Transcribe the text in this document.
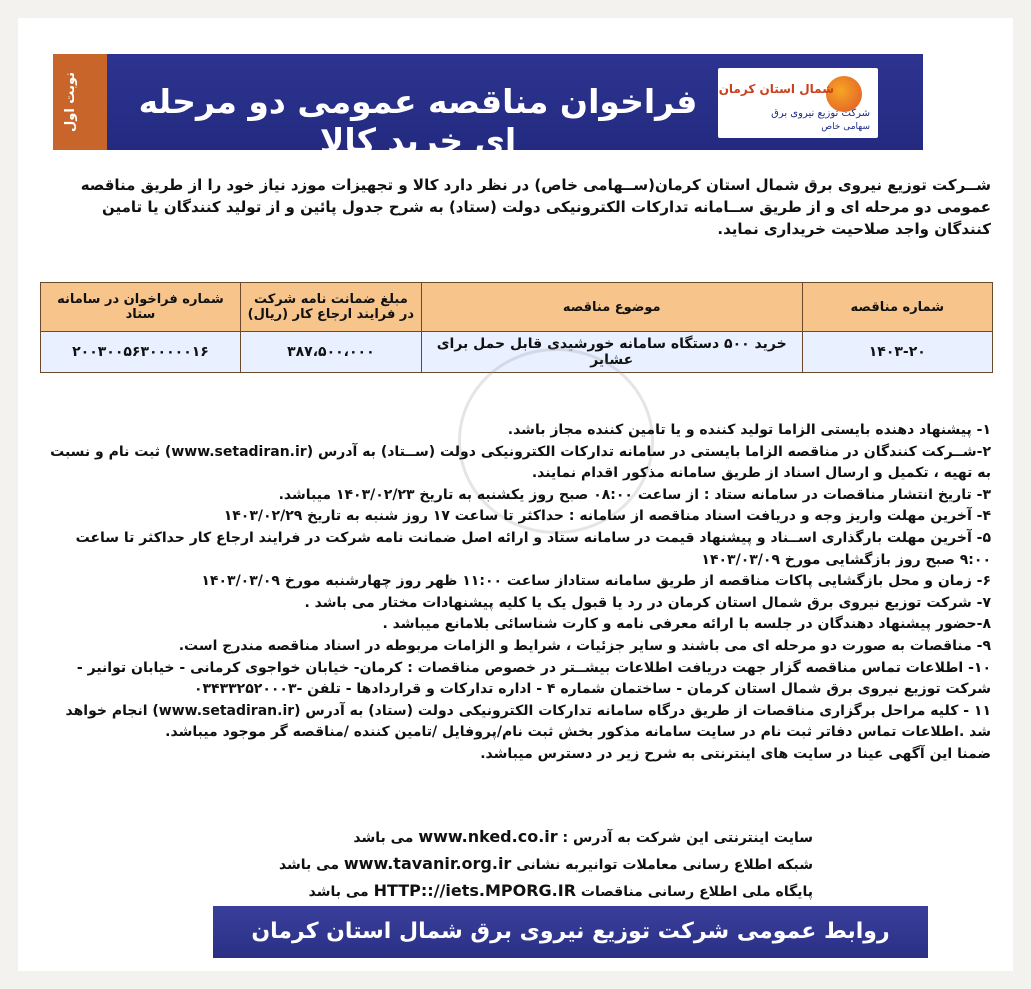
فراخوان مناقصه عمومی دو مرحله ای خرید کالا
نوبت اول	شمال استان کرمان
شرکت توزیع نیروی برق
سهامی خاص
شــرکت توزیع نیروی برق شمال استان کرمان(ســهامی خاص) در نظر دارد کالا و تجهیزات موزد نیاز خود را از طریق مناقصه عمومی دو مرحله ای و از طریق ســامانه تدارکات الکترونیکی دولت (ستاد) به شرح جدول پائین و از تولید کنندگان یا تامین کنندگان واجد صلاحیت خریداری نماید.
شماره مناقصه	موضوع مناقصه	مبلغ ضمانت نامه شرکت در فرایند ارجاع کار (ریال)	شماره فراخوان در سامانه ستاد
۱۴۰۳-۲۰	خرید ۵۰۰ دستگاه سامانه خورشیدی قابل حمل برای عشایر	۳۸۷،۵۰۰،۰۰۰	۲۰۰۳۰۰۵۶۳۰۰۰۰۰۱۶

۱- پیشنهاد دهنده بایستی الزاما تولید کننده و یا تامین کننده مجاز باشد.

۲-شــرکت کنندگان در مناقصه الزاما بایستی در سامانه تدارکات الکترونیکی دولت (ســتاد) به آدرس (www.setadiran.ir) ثبت نام و نسبت به تهیه ، تکمیل و ارسال اسناد از طریق سامانه مذکور اقدام نمایند.

۳- تاریخ انتشار مناقصات در سامانه ستاد : از ساعت ۰۸:۰۰ صبح روز یکشنبه به تاریخ ۱۴۰۳/۰۲/۲۳ میباشد.

۴- آخرین مهلت واریز وجه و دریافت اسناد مناقصه از سامانه : حداکثر تا ساعت ۱۷ روز شنبه به تاریخ ۱۴۰۳/۰۲/۲۹

۵- آخرین مهلت بارگذاری اســناد و پیشنهاد قیمت در سامانه ستاد و ارائه اصل ضمانت نامه شرکت در فرایند ارجاع کار حداکثر تا ساعت ۹:۰۰ صبح روز بازگشایی مورخ ۱۴۰۳/۰۳/۰۹

۶- زمان و محل بازگشایی پاکات مناقصه از طریق سامانه ستاداز ساعت ۱۱:۰۰ ظهر روز چهارشنبه مورخ ۱۴۰۳/۰۳/۰۹

۷- شرکت توزیع نیروی برق شمال استان کرمان در رد یا قبول یک یا کلیه پیشنهادات مختار می باشد .

۸-حضور پیشنهاد دهندگان در جلسه با ارائه معرفی نامه و کارت شناسائی بلامانع میباشد .

۹- مناقصات به صورت دو مرحله ای می باشند و سایر جزئیات ، شرایط و الزامات مربوطه در اسناد مناقصه مندرج است.

۱۰- اطلاعات تماس مناقصه گزار جهت دریافت اطلاعات بیشــتر در خصوص مناقصات : کرمان- خیابان خواجوی کرمانی - خیابان توانیر - شرکت توزیع نیروی برق شمال استان کرمان - ساختمان شماره ۴ - اداره تدارکات و قراردادها - تلفن -۰۳۴۳۳۲۵۲۰۰۰۳

۱۱ - کلیه مراحل برگزاری مناقصات از طریق درگاه سامانه تدارکات الکترونیکی دولت (ستاد) به آدرس (www.setadiran.ir) انجام خواهد شد .اطلاعات تماس دفاتر ثبت نام در سایت سامانه مذکور بخش ثبت نام/پروفایل /تامین کننده /مناقصه گر موجود میباشد.

ضمنا این آگهی عینا در سایت های اینترنتی به شرح زیر در دسترس میباشد.

سایت اینترنتی این شرکت به آدرس : www.nked.co.ir می باشد

شبکه اطلاع رسانی معاملات توانیربه نشانی www.tavanir.org.ir می باشد

پایگاه ملی اطلاع رسانی مناقصات HTTP:://iets.MPORG.IR می باشد

روابط عمومی شرکت توزیع نیروی برق شمال استان کرمان
